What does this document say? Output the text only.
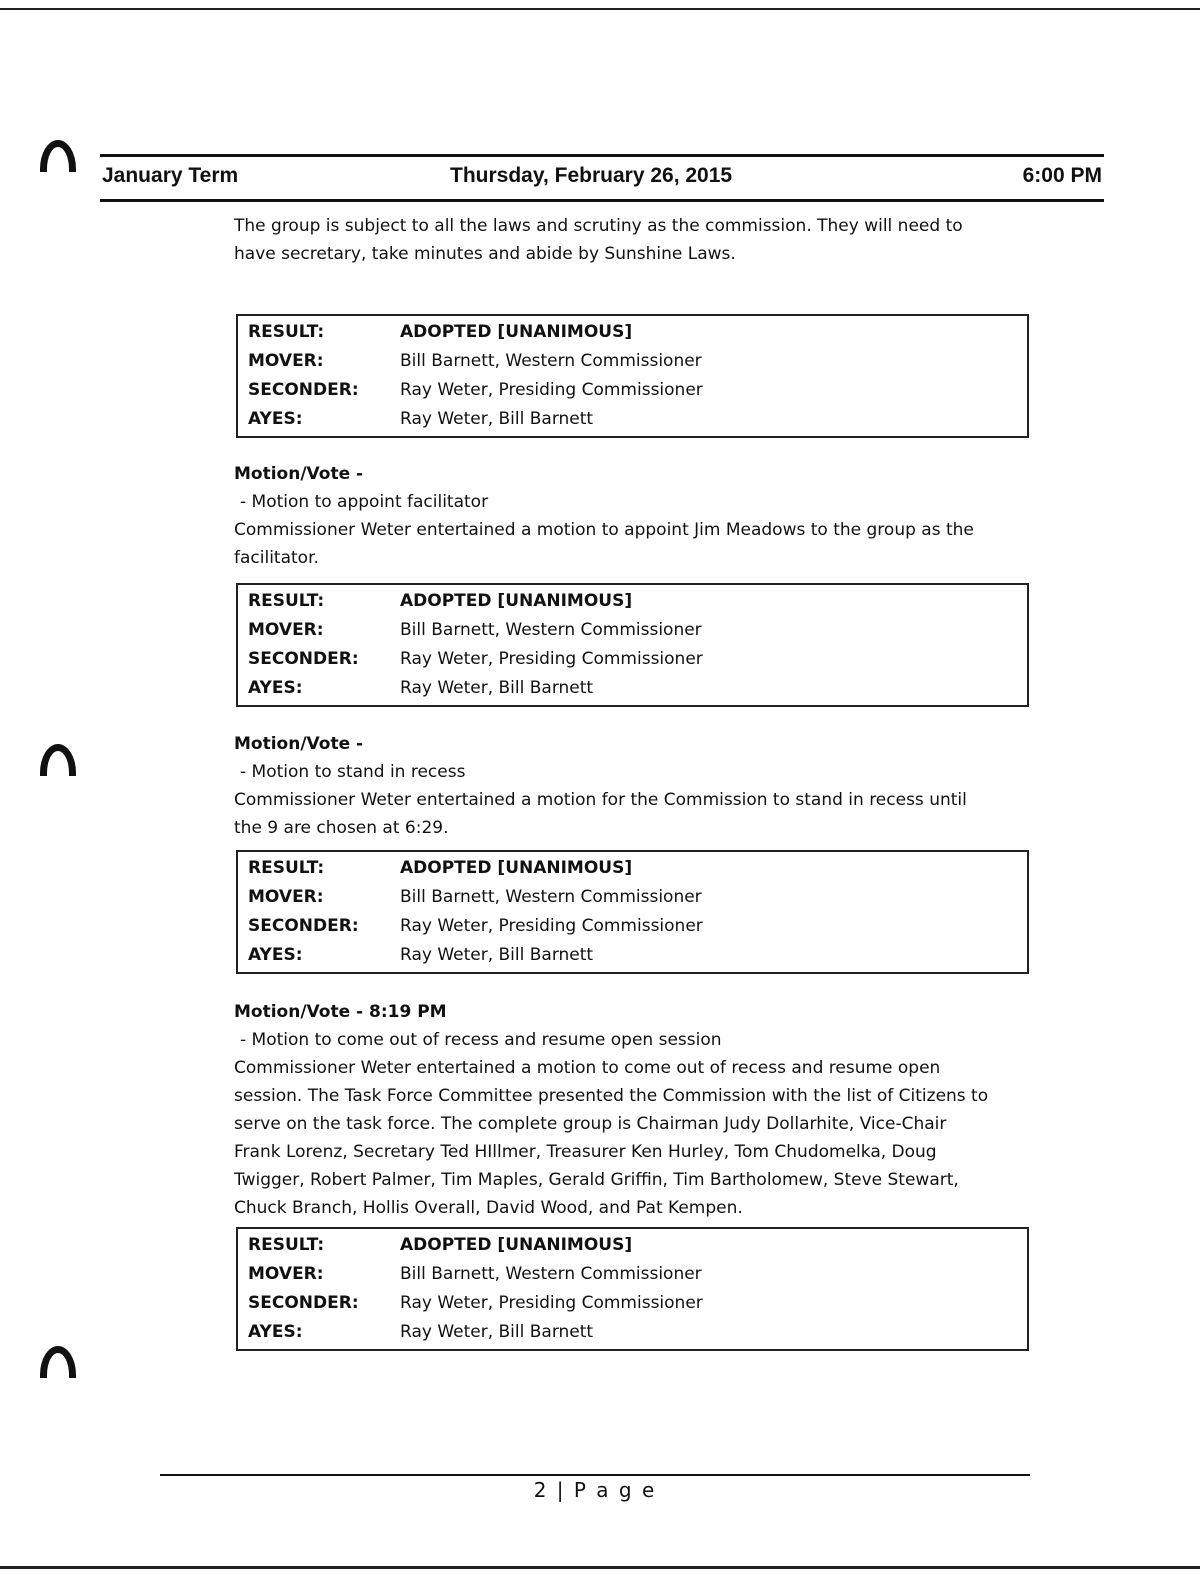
January Term	Thursday, February 26, 2015	6:00 PM
The group is subject to all the laws and scrutiny as the commission. They will need to
have secretary, take minutes and abide by Sunshine Laws.
RESULT:	ADOPTED [UNANIMOUS]
MOVER:	Bill Barnett, Western Commissioner
SECONDER: Ray Weter, Presiding Commissioner
AYES:	Ray Weter, Bill Barnett
Motion/Vote -
- Motion to appoint facilitator
Commissioner Weter entertained a motion to appoint Jim Meadows to the group as the
facilitator.
RESULT:	ADOPTED [UNANIMOUS]
MOVER:	Bill Barnett, Western Commissioner
SECONDER: Ray Weter, Presiding Commissioner
AYES:	Ray Weter, Bill Barnett
Motion/Vote -
- Motion to stand in recess
Commissioner Weter entertained a motion for the Commission to stand in recess until
the 9 are chosen at 6:29.
RESULT:	ADOPTED [UNANIMOUS]
MOVER:	Bill Barnett, Western Commissioner
SECONDER: Ray Weter, Presiding Commissioner
AYES:	Ray Weter, Bill Barnett
Motion/Vote - 8:19 PM
- Motion to come out of recess and resume open session
Commissioner Weter entertained a motion to come out of recess and resume open
session. The Task Force Committee presented the Commission with the list of Citizens to
serve on the task force. The complete group is Chairman Judy Dollarhite, Vice-Chair
Frank Lorenz, Secretary Ted HIllmer, Treasurer Ken Hurley, Tom Chudomelka, Doug
Twigger, Robert Palmer, Tim Maples, Gerald Griffin, Tim Bartholomew, Steve Stewart,
Chuck Branch, Hollis Overall, David Wood, and Pat Kempen.
RESULT:	ADOPTED [UNANIMOUS]
MOVER:	Bill Barnett, Western Commissioner
SECONDER: Ray Weter, Presiding Commissioner
AYES:	Ray Weter, Bill Barnett
2 | P a g e
